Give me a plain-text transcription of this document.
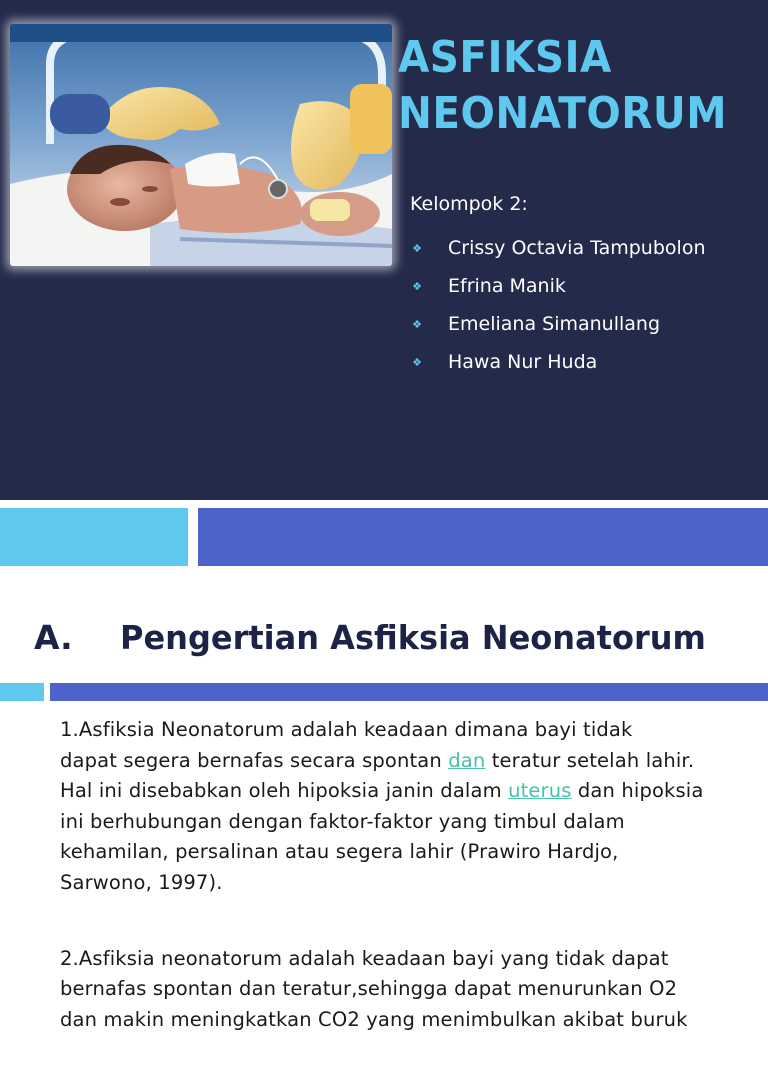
ASFIKSIA
NEONATORUM
Kelompok 2:
❖ Crissy Octavia Tampubolon
❖ Efrina Manik
❖ Emeliana Simanullang
❖ Hawa Nur Huda
A.	Pengertian Asfiksia Neonatorum

1.Asfiksia Neonatorum adalah keadaan dimana bayi tidak
dapat segera bernafas secara spontan dan teratur setelah lahir.
Hal ini disebabkan oleh hipoksia janin dalam uterus dan hipoksia
ini berhubungan dengan faktor-faktor yang timbul dalam
kehamilan, persalinan atau segera lahir (Prawiro Hardjo,
Sarwono, 1997).

2.Asfiksia neonatorum adalah keadaan bayi yang tidak dapat
bernafas spontan dan teratur,sehingga dapat menurunkan O2
dan makin meningkatkan CO2 yang menimbulkan akibat buruk
